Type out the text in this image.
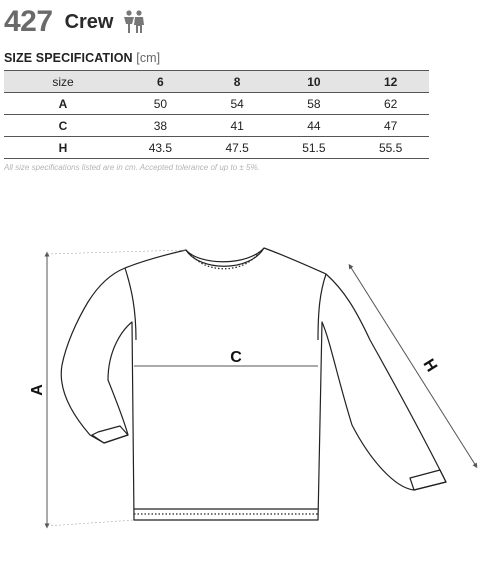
427 Crew
SIZE SPECIFICATION [cm]
size	6	8	10	12
A	50	54	58	62
C	38	41	44	47
H	43.5	47.5	51.5	55.5
All size specifications listed are in cm. Accepted tolerance of up to ± 5%.
A
C	H
